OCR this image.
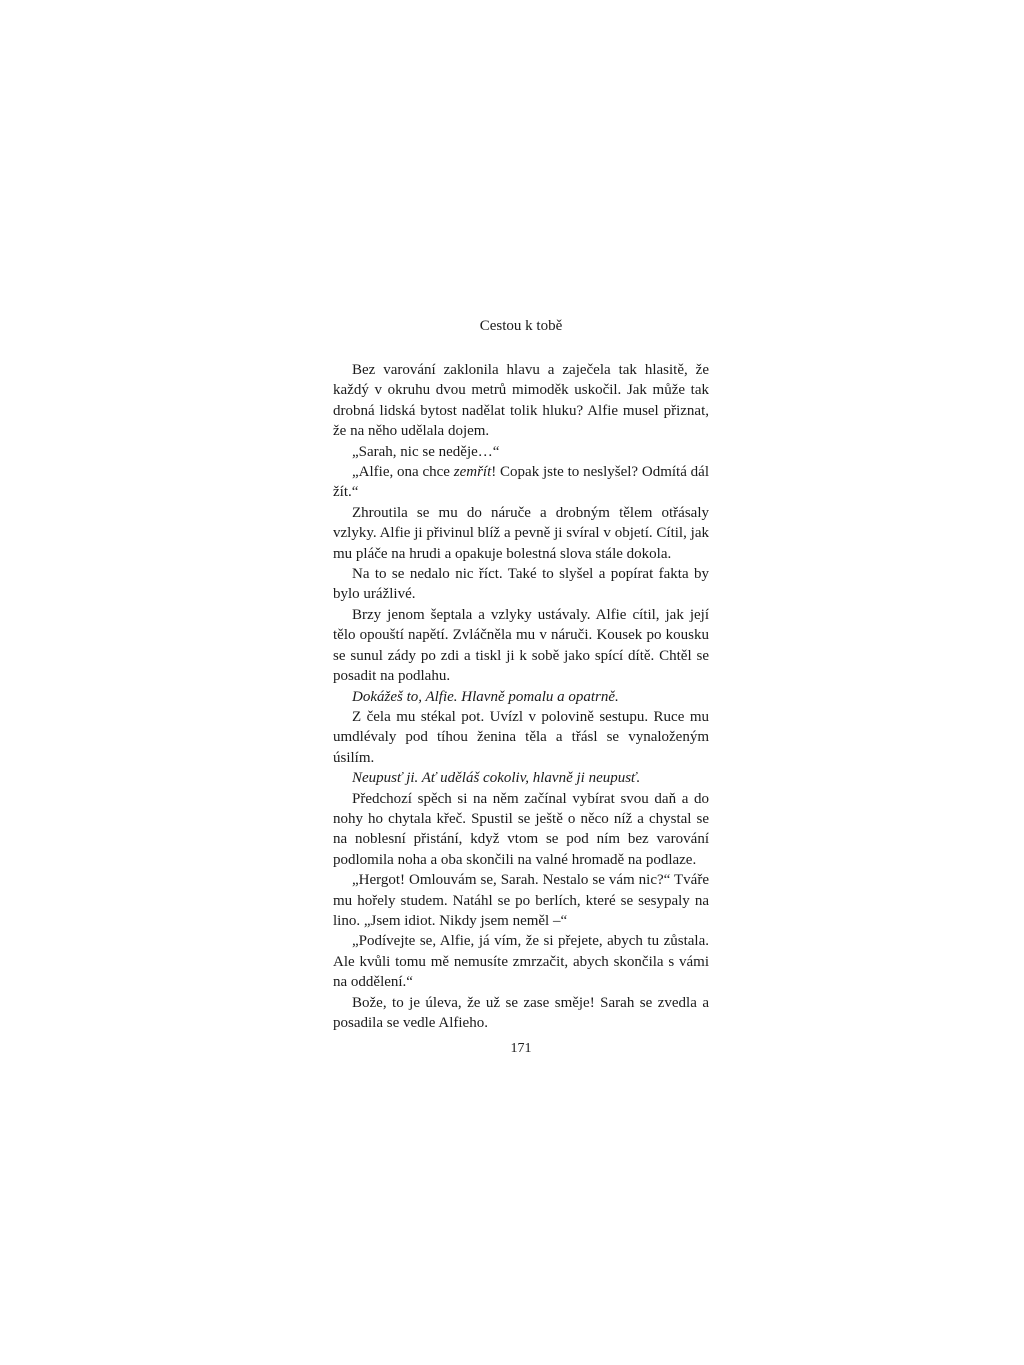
Cestou k tobě

Bez varování zaklonila hlavu a zaječela tak hlasitě, že každý v okruhu dvou metrů mimoděk uskočil. Jak může tak drobná lidská bytost nadělat tolik hluku? Alfie musel přiznat, že na něho udělala dojem.

„Sarah, nic se neděje…“

„Alfie, ona chce zemřít! Copak jste to neslyšel? Odmítá dál žít.“

Zhroutila se mu do náruče a drobným tělem otřásaly vzlyky. Alfie ji přivinul blíž a pevně ji svíral v objetí. Cítil, jak mu pláče na hrudi a opakuje bolestná slova stále dokola.

Na to se nedalo nic říct. Také to slyšel a popírat fakta by bylo urážlivé.

Brzy jenom šeptala a vzlyky ustávaly. Alfie cítil, jak její tělo opouští napětí. Zvláčněla mu v náruči. Kousek po kousku se sunul zády po zdi a tiskl ji k sobě jako spící dítě. Chtěl se posadit na podlahu.

Dokážeš to, Alfie. Hlavně pomalu a opatrně.

Z čela mu stékal pot. Uvízl v polovině sestupu. Ruce mu umdlévaly pod tíhou ženina těla a třásl se vynaloženým úsilím.

Neupusť ji. Ať uděláš cokoliv, hlavně ji neupusť.

Předchozí spěch si na něm začínal vybírat svou daň a do nohy ho chytala křeč. Spustil se ještě o něco níž a chystal se na noblesní přistání, když vtom se pod ním bez varování podlomila noha a oba skončili na valné hromadě na podlaze.

„Hergot! Omlouvám se, Sarah. Nestalo se vám nic?“ Tváře mu hořely studem. Natáhl se po berlích, které se sesypaly na lino. „Jsem idiot. Nikdy jsem neměl –“

„Podívejte se, Alfie, já vím, že si přejete, abych tu zůstala. Ale kvůli tomu mě nemusíte zmrzačit, abych skončila s vámi na oddělení.“

Bože, to je úleva, že už se zase směje! Sarah se zvedla a posadila se vedle Alfieho.

171
